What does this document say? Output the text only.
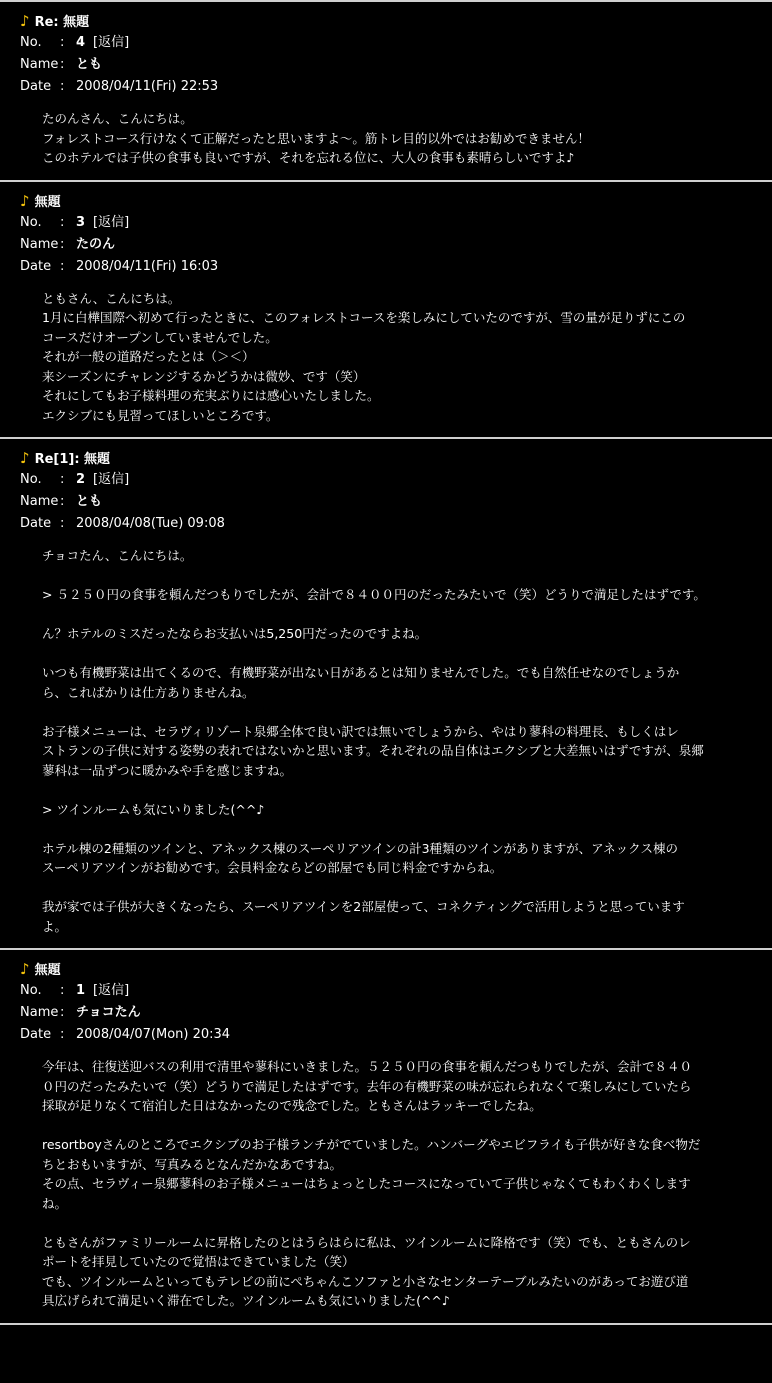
♪ Re: 無題
No. : 4 [返信]
Name : とも
Date : 2008/04/11(Fri) 22:53

たのんさん、こんにちは。
フォレストコース行けなくて正解だったと思いますよ〜。筋トレ目的以外ではお勧めできません！
このホテルでは子供の食事も良いですが、それを忘れる位に、大人の食事も素晴らしいですよ♪

♪ 無題
No. : 3 [返信]
Name : たのん
Date : 2008/04/11(Fri) 16:03

ともさん、こんにちは。
1月に白樺国際へ初めて行ったときに、このフォレストコースを楽しみにしていたのですが、雪の量が足りずにこの
コースだけオープンしていませんでした。
それが一般の道路だったとは（＞＜）
来シーズンにチャレンジするかどうかは微妙、です（笑）
それにしてもお子様料理の充実ぶりには感心いたしました。
エクシブにも見習ってほしいところです。

♪ Re[1]: 無題
No. : 2 [返信]
Name : とも
Date : 2008/04/08(Tue) 09:08

チョコたん、こんにちは。

> ５２５０円の食事を頼んだつもりでしたが、会計で８４００円のだったみたいで（笑）どうりで満足したはずです。

ん？ホテルのミスだったならお支払いは5,250円だったのですよね。

いつも有機野菜は出てくるので、有機野菜が出ない日があるとは知りませんでした。でも自然任せなのでしょうか
ら、こればかりは仕方ありませんね。

お子様メニューは、セラヴィリゾート泉郷全体で良い訳では無いでしょうから、やはり蓼科の料理長、もしくはレ
ストランの子供に対する姿勢の表れではないかと思います。それぞれの品自体はエクシブと大差無いはずですが、泉郷
蓼科は一品ずつに暖かみや手を感じますね。

> ツインルームも気にいりました(^^♪

ホテル棟の2種類のツインと、アネックス棟のスーペリアツインの計3種類のツインがありますが、アネックス棟の
スーペリアツインがお勧めです。会員料金ならどの部屋でも同じ料金ですからね。

我が家では子供が大きくなったら、スーペリアツインを2部屋使って、コネクティングで活用しようと思っています
よ。

♪ 無題
No. : 1 [返信]
Name : チョコたん
Date : 2008/04/07(Mon) 20:34

今年は、往復送迎バスの利用で清里や蓼科にいきました。５２５０円の食事を頼んだつもりでしたが、会計で８４０
０円のだったみたいで（笑）どうりで満足したはずです。去年の有機野菜の味が忘れられなくて楽しみにしていたら
採取が足りなくて宿泊した日はなかったので残念でした。ともさんはラッキーでしたね。

resortboyさんのところでエクシブのお子様ランチがでていました。ハンバーグやエビフライも子供が好きな食べ物だ
ちとおもいますが、写真みるとなんだかなあですね。
その点、セラヴィー泉郷蓼科のお子様メニューはちょっとしたコースになっていて子供じゃなくてもわくわくします
ね。

ともさんがファミリールームに昇格したのとはうらはらに私は、ツインルームに降格です（笑）でも、ともさんのレ
ポートを拝見していたので覚悟はできていました（笑）
でも、ツインルームといってもテレビの前にぺちゃんこソファと小さなセンターテーブルみたいのがあってお遊び道
具広げられて満足いく滞在でした。ツインルームも気にいりました(^^♪
